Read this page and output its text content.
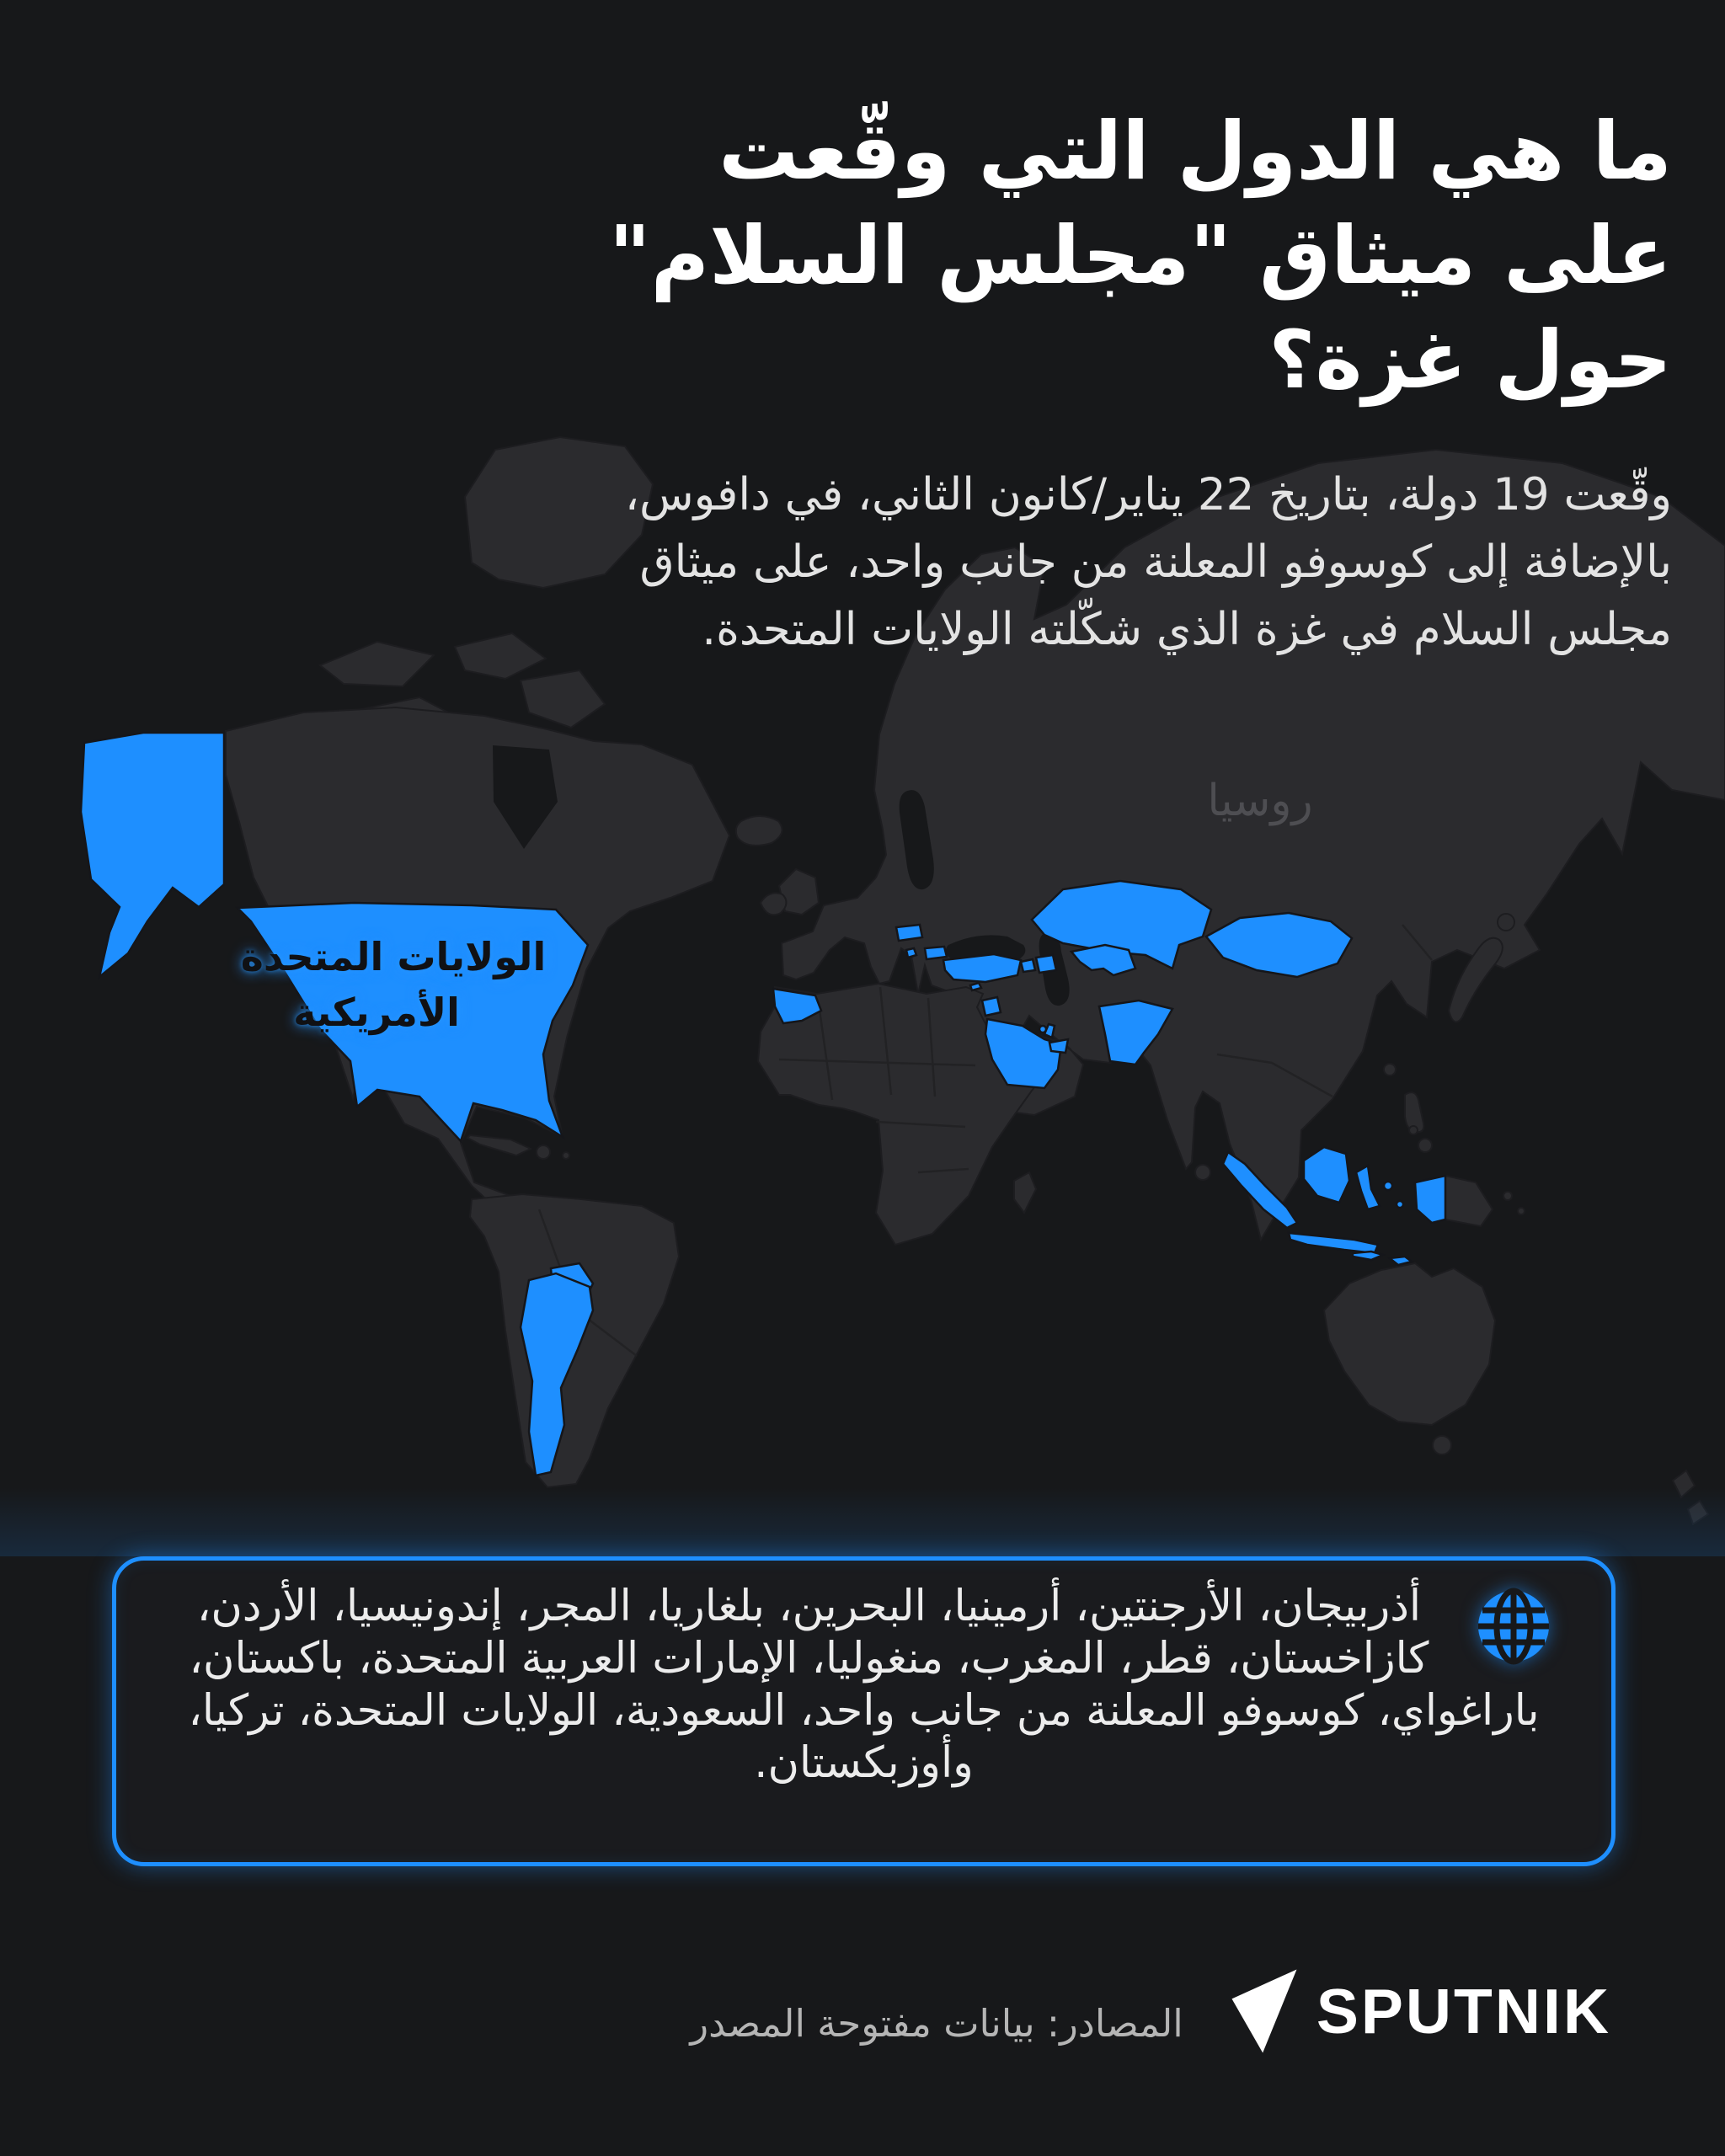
روسيا
الولايات المتحدة
الأمريكية
ما هي الدول التي وقّعت
على ميثاق "مجلس السلام"
حول غزة؟

وقّعت 19 دولة، بتاريخ 22 يناير/كانون الثاني، في دافوس،
بالإضافة إلى كوسوفو المعلنة من جانب واحد، على ميثاق
مجلس السلام في غزة الذي شكّلته الولايات المتحدة.

أذربيجان، الأرجنتين، أرمينيا، البحرين، بلغاريا، المجر، إندونيسيا، الأردن، كازاخستان، قطر، المغرب، منغوليا، الإمارات العربية المتحدة، باكستان، باراغواي، كوسوفو المعلنة من جانب واحد، السعودية، الولايات المتحدة، تركيا، وأوزبكستان.

المصادر: بيانات مفتوحة المصدر SPUTNIK
